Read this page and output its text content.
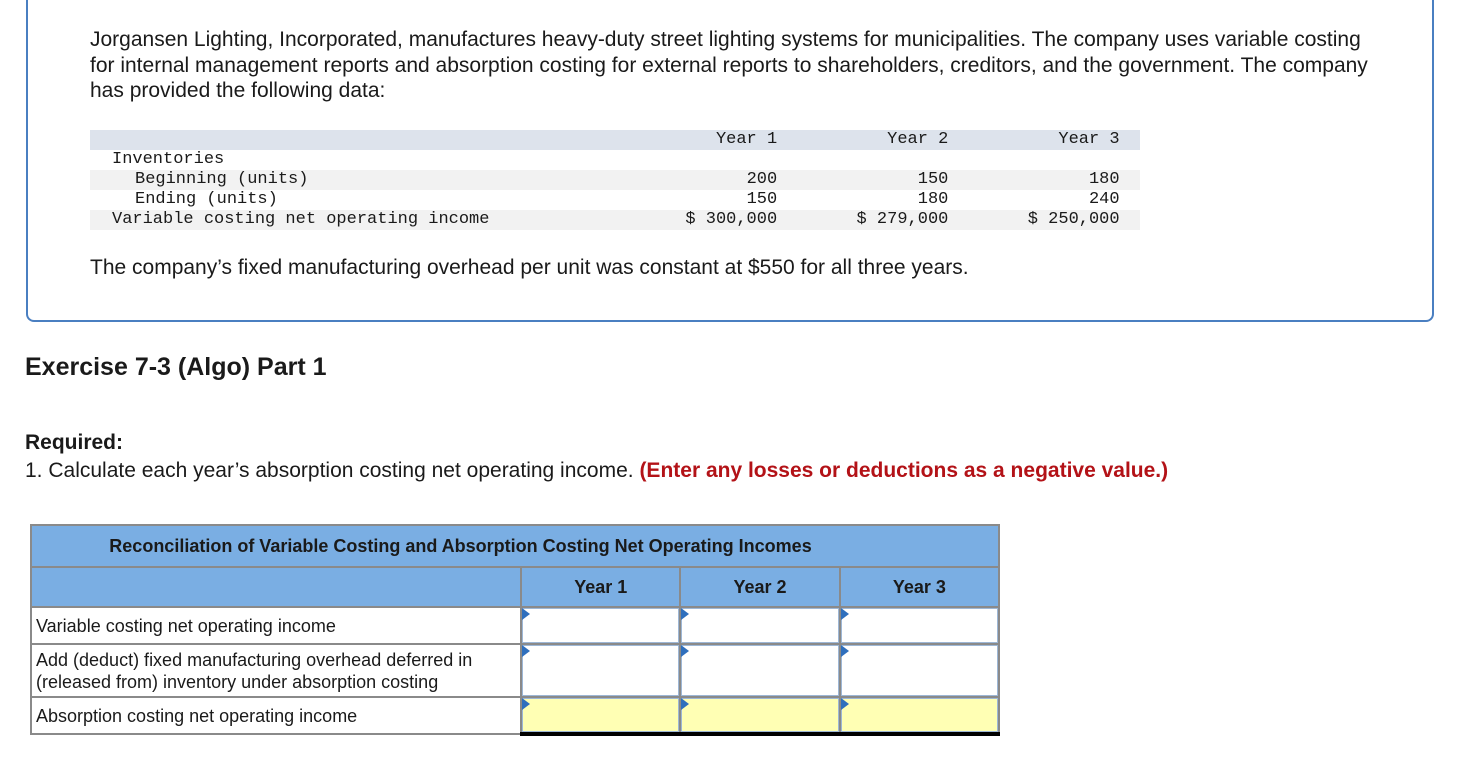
Jorgansen Lighting, Incorporated, manufactures heavy-duty street lighting systems for municipalities. The company uses variable costing for internal management reports and absorption costing for external reports to shareholders, creditors, and the government. The company has provided the following data:

	Year 1	Year 2	Year 3
Inventories			
Beginning (units)	200	150	180
Ending (units)	150	180	240
Variable costing net operating income	$ 300,000	$ 279,000	$ 250,000

The company’s fixed manufacturing overhead per unit was constant at $550 for all three years.

Exercise 7-3 (Algo) Part 1

Required:

1. Calculate each year’s absorption costing net operating income. (Enter any losses or deductions as a negative value.)

Reconciliation of Variable Costing and Absorption Costing Net Operating Incomes			
	Year 1	Year 2	Year 3
Variable costing net operating income	

Add (deduct) fixed manufacturing overhead deferred in (released from) inventory under absorption costing	

Absorption costing net operating income	
